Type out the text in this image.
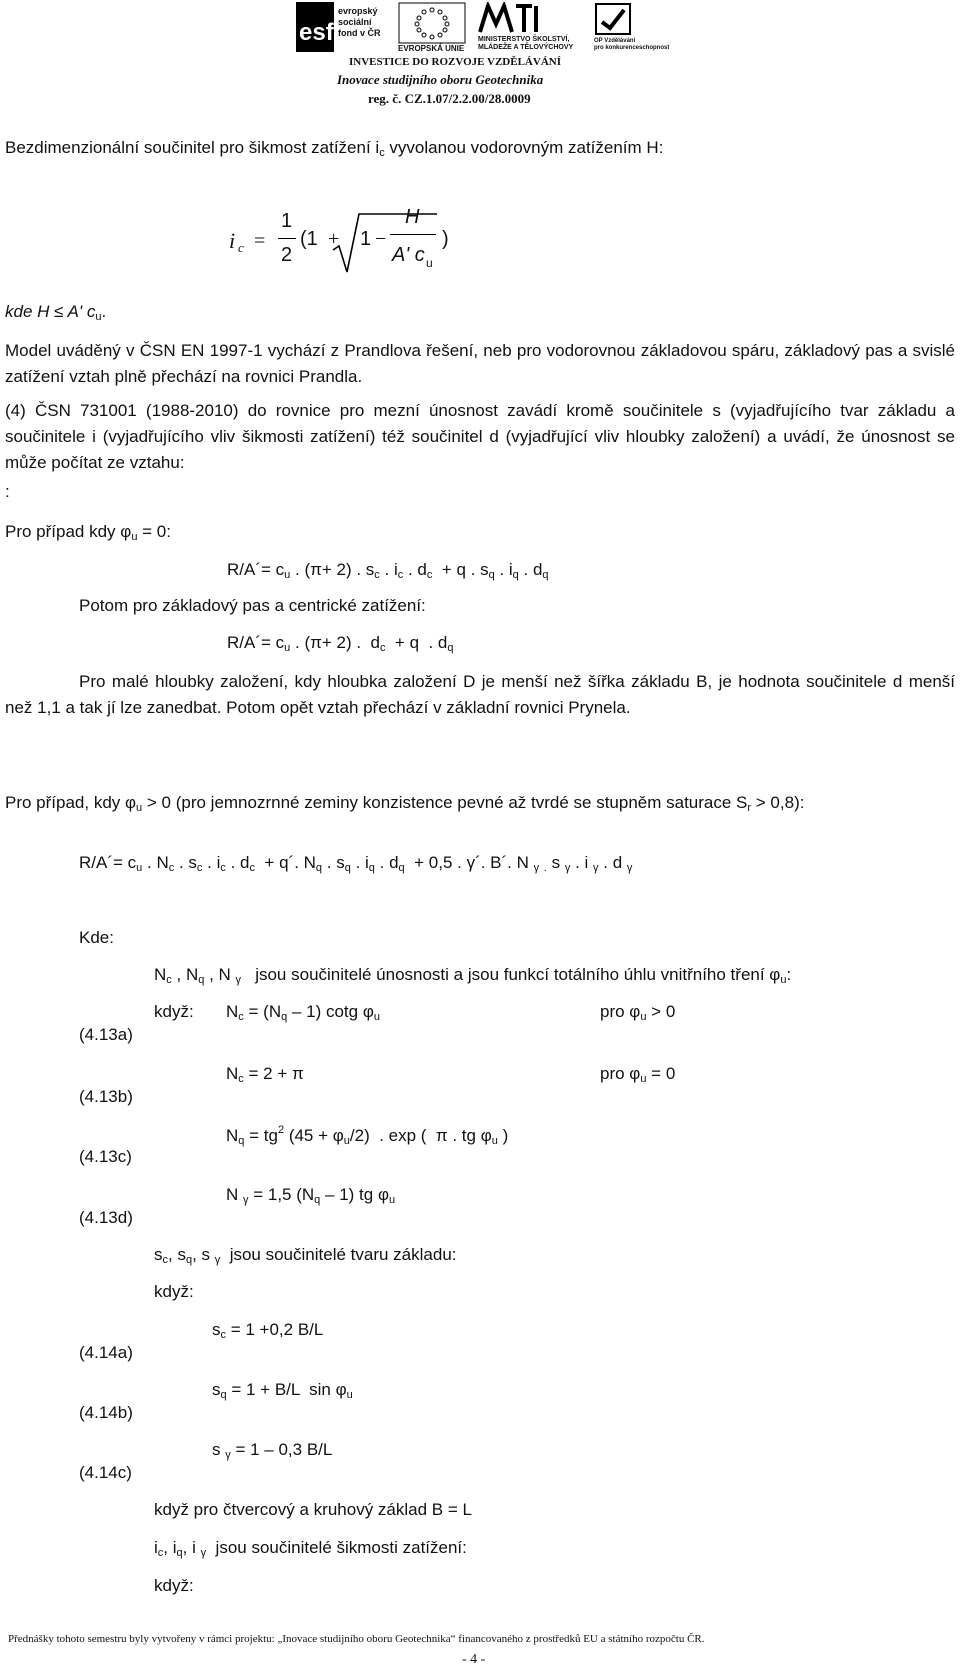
esf
evropský
sociální
fond v ČR
EVROPSKÁ UNIE
MINISTERSTVO ŠKOLSTVÍ,
MLÁDEŽE A TĚLOVÝCHOVY
OP Vzdělávání
pro konkurenceschopnost
INVESTICE DO ROZVOJE VZDĚLÁVÁNÍ
Inovace studijního oboru Geotechnika
reg. č. CZ.1.07/2.2.00/28.0009
Bezdimenzionální součinitel pro šikmost zatížení $i_c$ vyvolanou vodorovným zatížením H:
i c =
1
2
(1 + 1 −
H
A' c u
)
kde H ≤ A' $c_u$.
Model uváděný v ČSN EN 1997-1 vychází z Prandlova řešení, neb pro vodorovnou základovou spáru, základový pas a svislé zatížení vztah plně přechází na rovnici Prandla.
(4) ČSN 731001 (1988-2010) do rovnice pro mezní únosnost zavádí kromě součinitele s (vyjadřujícího tvar základu a součinitele i (vyjadřujícího vliv šikmosti zatížení) též součinitel d (vyjadřující vliv hloubky založení) a uvádí, že únosnost se může počítat ze vztahu:
:
Pro případ kdy $\varphi_u = 0$:
R/A´= $c_u$ . (π+ 2) . $s_c$ . $i_c$ . $d_c + q$ . $s_q$ . $i_q$ . $d_q$
Potom pro základový pas a centrické zatížení:
R/A´= $c_u$ . (π+ 2) .  $d_c + q$  . $d_q$
Pro malé hloubky založení, kdy hloubka založení D je menší než šířka základu B, je hodnota součinitele d menší než 1,1 a tak jí lze zanedbat. Potom opět vztah přechází v základní rovnici Prynela.
Pro případ, kdy $\varphi_u > 0$ (pro jemnozrnné zeminy konzistence pevné až tvrdé se stupněm saturace $S_r > 0,8$):
R/A´= $c_u$ . $N_c$ . $s_c$ . $i_c$ . $d_c$  + q´. $N_q$ . $s_q$ . $i_q$ . $d_q + 0,5$ . γ´. B´. N $_\gamma$ $_.$ s $_\gamma$ . i $_\gamma$ . d $_\gamma$
Kde:
$N_c$ , $N_q$ , N $_\gamma$   jsou součinitelé únosnosti a jsou funkcí totálního úhlu vnitřního tření $\varphi_u$:
když: $N_c = (N_q - 1)$ cotg $\varphi_u$	pro $\varphi_u > 0$
(4.13a)
$N_c = 2 + \pi$	pro $\varphi_u = 0$
(4.13b)
$N_q = tg^2$ $(45 + \varphi_u/2)$  . exp (  π . tg $\varphi_u$ )
(4.13c)
N $_\gamma$ = 1,5 $(N_q - 1)$ tg $\varphi_u$
(4.13d)
$s_c$, $s_q$, s $_\gamma$  jsou součinitelé tvaru základu:
když:
$s_c = 1 +0,2$ B/L
(4.14a)
$s_q = 1 + B/L$  $\sin \varphi_u$
(4.14b)
s $_\gamma$ = 1 – 0,3 B/L
(4.14c)
když pro čtvercový a kruhový základ B = L
$i_c$, $i_q$, i $_\gamma$  jsou součinitelé šikmosti zatížení:
když:
Přednášky tohoto semestru byly vytvořeny v rámci projektu: „Inovace studijního oboru Geotechnika“ financovaného z prostředků EU a státního rozpočtu ČR.
- 4 -
